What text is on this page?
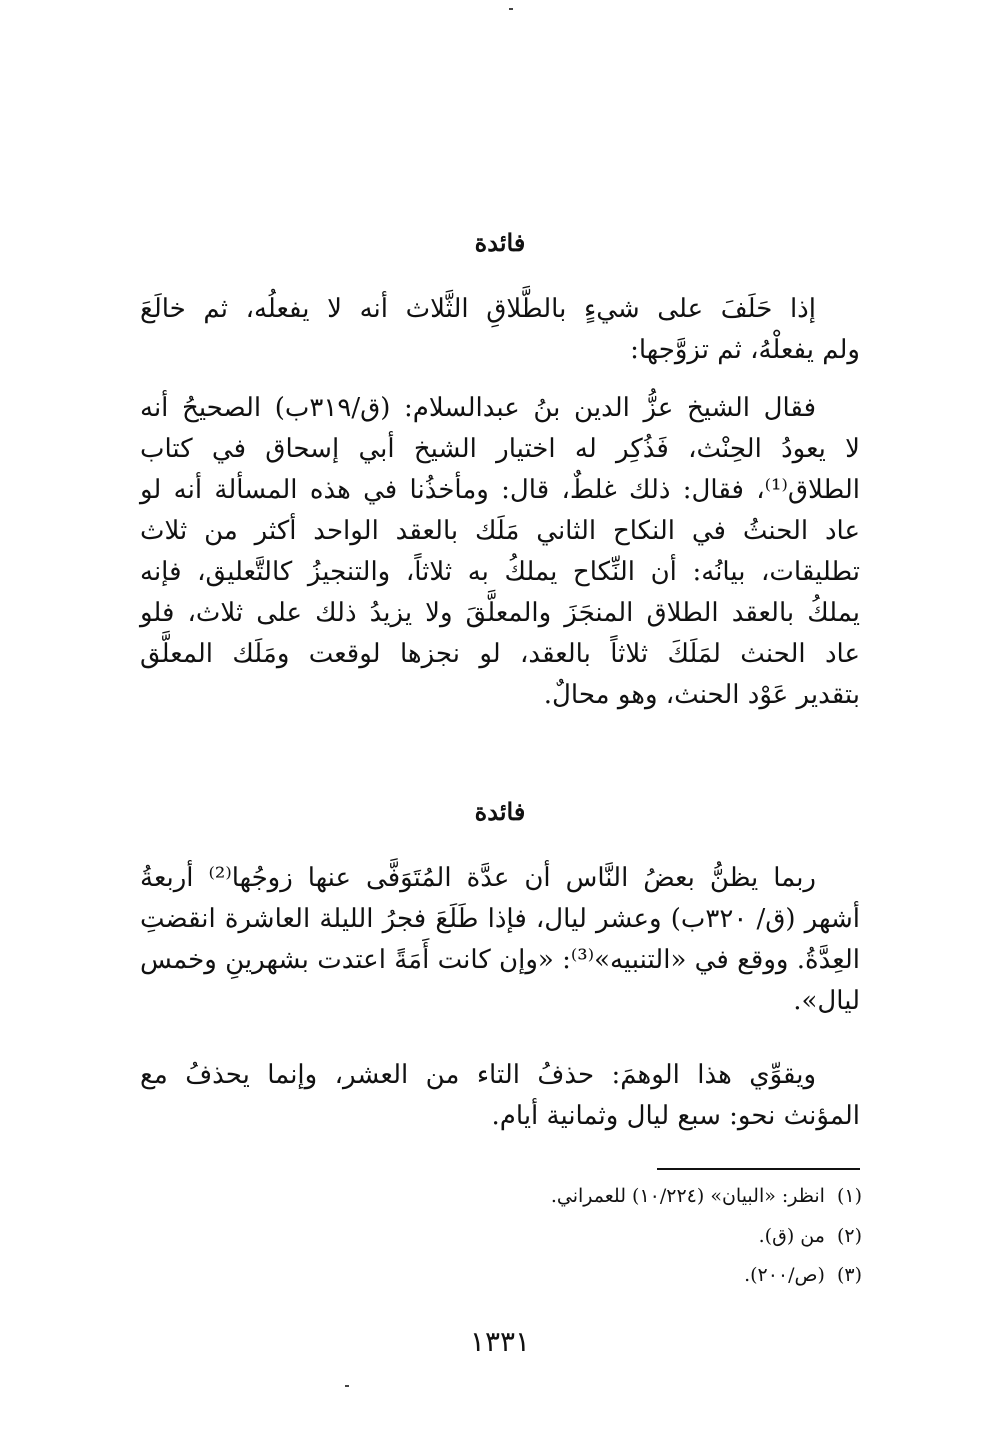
فائدة

إذا حَلَفَ على شيءٍ بالطَّلاقِ الثَّلاث أنه لا يفعلُه، ثم خالَعَ
ولم يفعلْهُ، ثم تزوَّجها:

فقال الشيخ عزُّ الدين بنُ عبدالسلام: (ق/٣١٩ب) الصحيحُ أنه
لا يعودُ الحِنْث، فَذُكِر له اختيار الشيخ أبي إسحاق في كتاب
الطلاق⁽¹⁾، فقال: ذلك غلطٌ، قال: ومأخذُنا في هذه المسألة أنه لو
عاد الحنثُ في النكاح الثاني مَلَك بالعقد الواحد أكثر من ثلاث
تطليقات، بيانُه: أن النِّكاح يملكُ به ثلاثاً، والتنجيزُ كالتَّعليق، فإنه
يملكُ بالعقد الطلاق المنجَزَ والمعلَّقَ ولا يزيدُ ذلك على ثلاث، فلو
عاد الحنث لمَلَكَ ثلاثاً بالعقد، لو نجزها لوقعت ومَلَك المعلَّق
بتقدير عَوْد الحنث، وهو محالٌ.

فائدة

ربما يظنُّ بعضُ النَّاس أن عدَّة المُتَوَفَّى عنها زوجُها⁽²⁾ أربعةُ
أشهر (ق/ ٣٢٠ب) وعشر ليال، فإذا طَلَعَ فجرُ الليلة العاشرة انقضتِ
العِدَّةُ. ووقع في «التنبيه»⁽³⁾: «وإن كانت أَمَةً اعتدت بشهرينِ وخمس
ليال».

ويقوِّي هذا الوهمَ: حذفُ التاء من العشر، وإنما يحذفُ مع
المؤنث نحو: سبع ليال وثمانية أيام.

(١)انظر: «البيان» (١٠/٢٢٤) للعمراني.
(٢)من (ق).
(٣)(ص/٢٠٠).
١٣٣١
